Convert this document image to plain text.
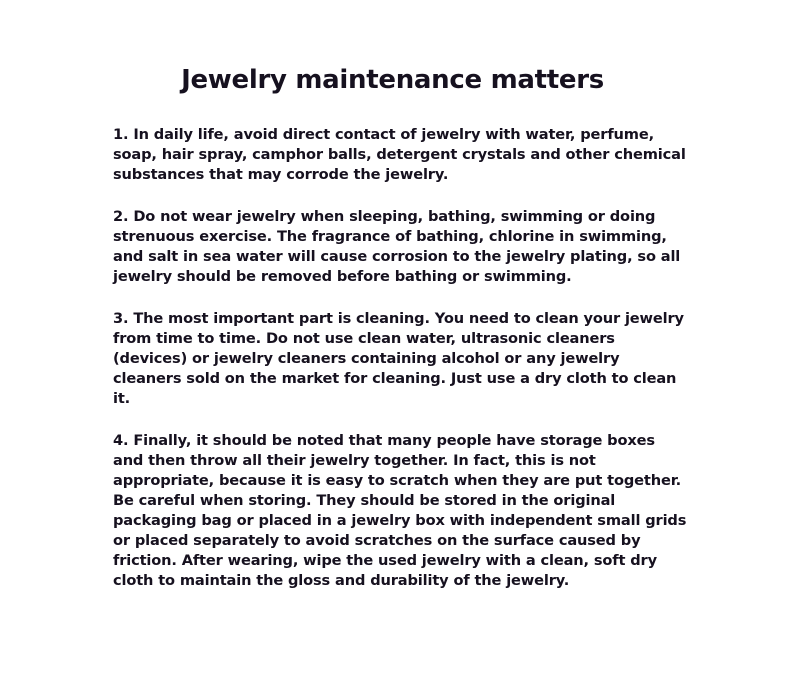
Jewelry maintenance matters
1. In daily life, avoid direct contact of jewelry with water, perfume, soap, hair spray, camphor balls, detergent crystals and other chemical substances that may corrode the jewelry.
2. Do not wear jewelry when sleeping, bathing, swimming or doing strenuous exercise. The fragrance of bathing, chlorine in swimming, and salt in sea water will cause corrosion to the jewelry plating, so all jewelry should be removed before bathing or swimming.
3. The most important part is cleaning. You need to clean your jewelry from time to time. Do not use clean water, ultrasonic cleaners (devices) or jewelry cleaners containing alcohol or any jewelry cleaners sold on the market for cleaning. Just use a dry cloth to clean it.
4. Finally, it should be noted that many people have storage boxes and then throw all their jewelry together. In fact, this is not appropriate, because it is easy to scratch when they are put together. Be careful when storing. They should be stored in the original packaging bag or placed in a jewelry box with independent small grids or placed separately to avoid scratches on the surface caused by friction. After wearing, wipe the used jewelry with a clean, soft dry cloth to maintain the gloss and durability of the jewelry.
